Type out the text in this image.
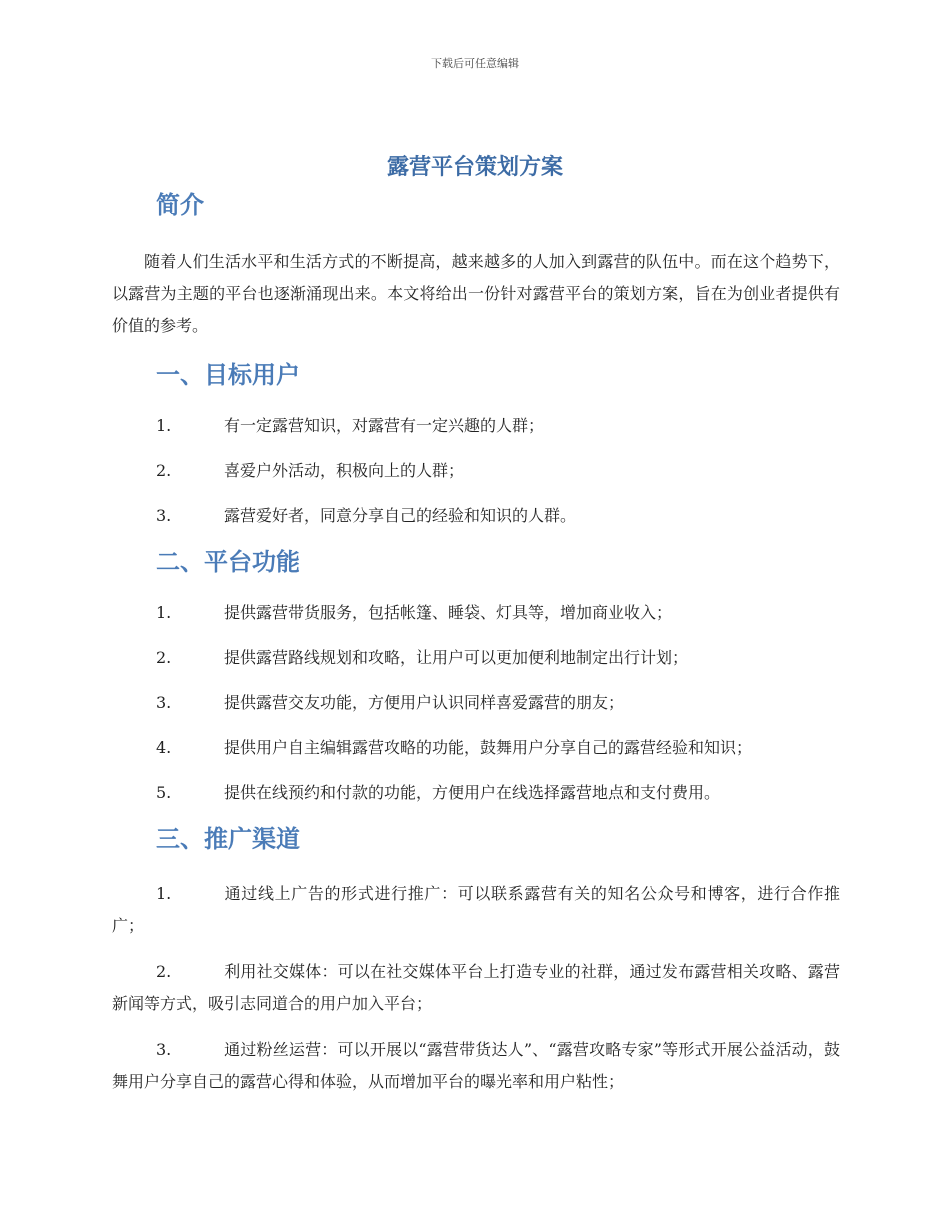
下载后可任意编辑
露营平台策划方案
简介

随着人们生活水平和生活方式的不断提高，越来越多的人加入到露营的队伍中。而在这个趋势下，以露营为主题的平台也逐渐涌现出来。本文将给出一份针对露营平台的策划方案，旨在为创业者提供有价值的参考。

一、目标用户
1.	有一定露营知识，对露营有一定兴趣的人群；
2.	喜爱户外活动，积极向上的人群；
3.	露营爱好者，同意分享自己的经验和知识的人群。
二、平台功能
1.	提供露营带货服务，包括帐篷、睡袋、灯具等，增加商业收入；
2.	提供露营路线规划和攻略，让用户可以更加便利地制定出行计划；
3.	提供露营交友功能，方便用户认识同样喜爱露营的朋友；
4.	提供用户自主编辑露营攻略的功能，鼓舞用户分享自己的露营经验和知识；
5.	提供在线预约和付款的功能，方便用户在线选择露营地点和支付费用。
三、推广渠道
1.	通过线上广告的形式进行推广：可以联系露营有关的知名公众号和博客，进行合作推广；
2.	利用社交媒体：可以在社交媒体平台上打造专业的社群，通过发布露营相关攻略、露营新闻等方式，吸引志同道合的用户加入平台；
3.	通过粉丝运营：可以开展以“露营带货达人”、“露营攻略专家”等形式开展公益活动，鼓舞用户分享自己的露营心得和体验，从而增加平台的曝光率和用户粘性；
